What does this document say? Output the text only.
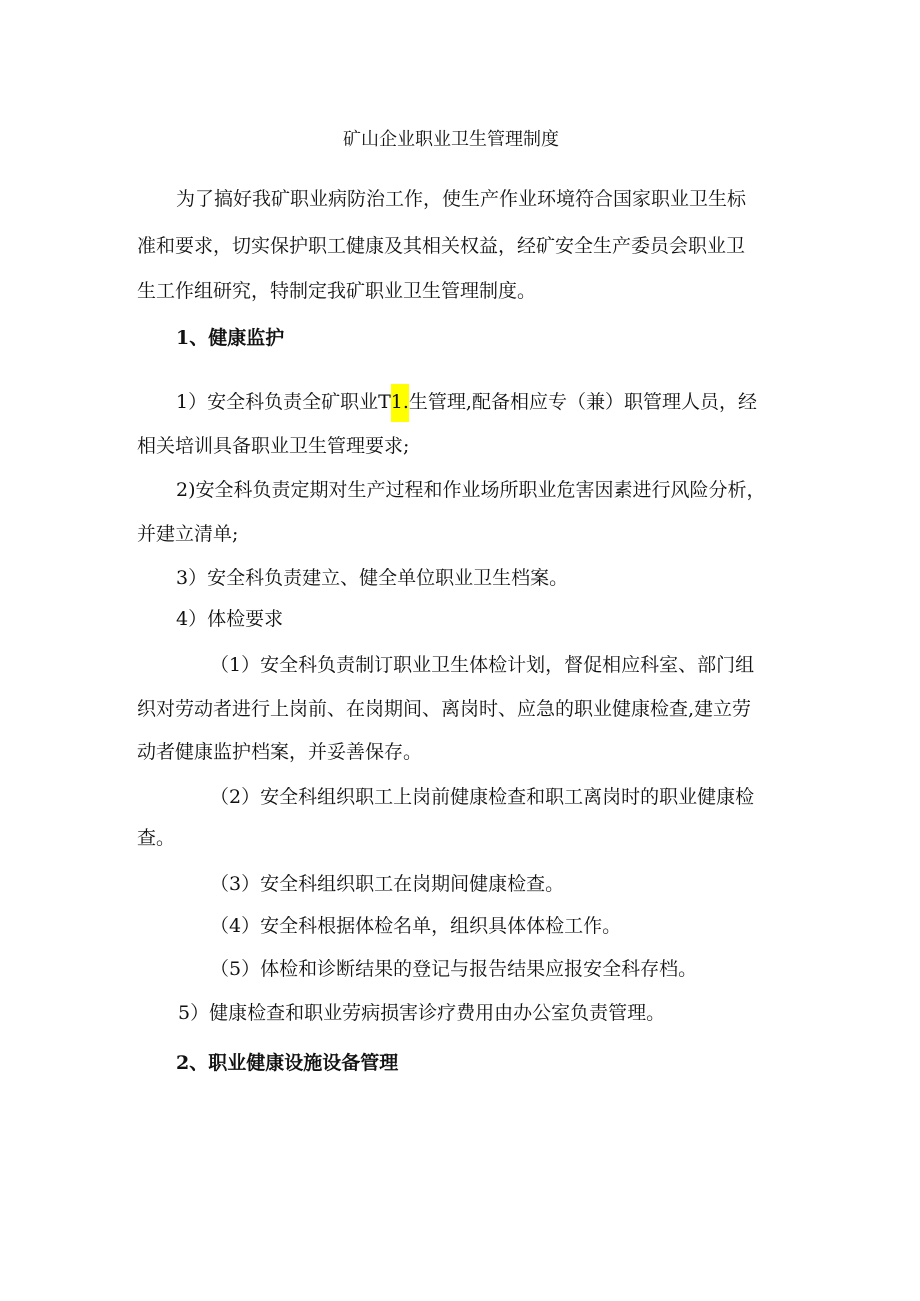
矿山企业职业卫生管理制度
为了搞好我矿职业病防治工作，使生产作业环境符合国家职业卫生标
准和要求，切实保护职工健康及其相关权益，经矿安全生产委员会职业卫
生工作组研究，特制定我矿职业卫生管理制度。
1、健康监护
1）安全科负责全矿职业T1.生管理,配备相应专（兼）职管理人员，经
相关培训具备职业卫生管理要求;
2)安全科负责定期对生产过程和作业场所职业危害因素进行风险分析，
并建立清单;
3）安全科负责建立、健全单位职业卫生档案。
4）体检要求
（1）安全科负责制订职业卫生体检计划，督促相应科室、部门组
织对劳动者进行上岗前、在岗期间、离岗时、应急的职业健康检查,建立劳
动者健康监护档案，并妥善保存。
（2）安全科组织职工上岗前健康检查和职工离岗时的职业健康检
查。
（3）安全科组织职工在岗期间健康检查。
（4）安全科根据体检名单，组织具体体检工作。
（5）体检和诊断结果的登记与报告结果应报安全科存档。
5）健康检查和职业劳病损害诊疗费用由办公室负责管理。
2、职业健康设施设备管理
